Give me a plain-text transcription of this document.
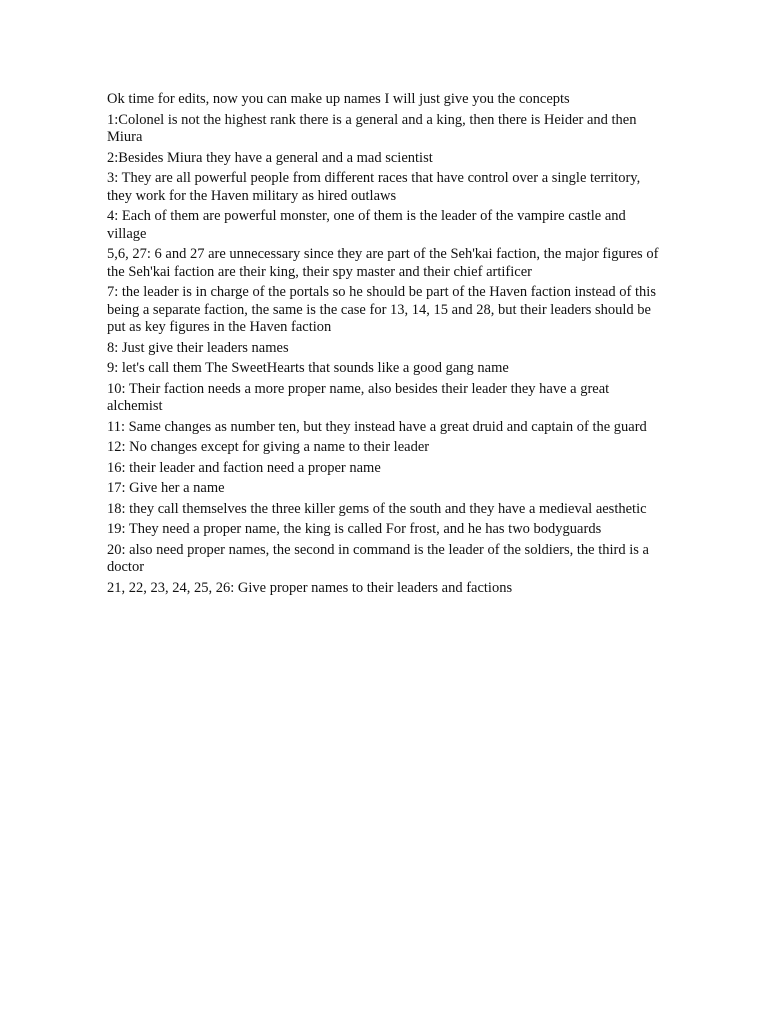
Ok time for edits, now you can make up names I will just give you the concepts

1:Colonel is not the highest rank there is a general and a king, then there is Heider and then Miura

2:Besides Miura they have a general and a mad scientist

3: They are all powerful people from different races that have control over a single territory, they work for the Haven military as hired outlaws

4: Each of them are powerful monster, one of them is the leader of the vampire castle and village

5,6, 27: 6 and 27 are unnecessary since they are part of the Seh'kai faction, the major figures of the Seh'kai faction are their king, their spy master and their chief artificer

7: the leader is in charge of the portals so he should be part of the Haven faction instead of this being a separate faction, the same is the case for 13, 14, 15 and 28, but their leaders should be put as key figures in the Haven faction

8: Just give their leaders names

9: let's call them The SweetHearts that sounds like a good gang name

10: Their faction needs a more proper name, also besides their leader they have a great alchemist

11: Same changes as number ten, but they instead have a great druid and captain of the guard

12: No changes except for giving a name to their leader

16: their leader and faction need a proper name

17: Give her a name

18: they call themselves the three killer gems of the south and they have a medieval aesthetic

19: They need a proper name, the king is called For frost, and he has two bodyguards

20: also need proper names, the second in command is the leader of the soldiers, the third is a doctor

21, 22, 23, 24, 25, 26: Give proper names to their leaders and factions
